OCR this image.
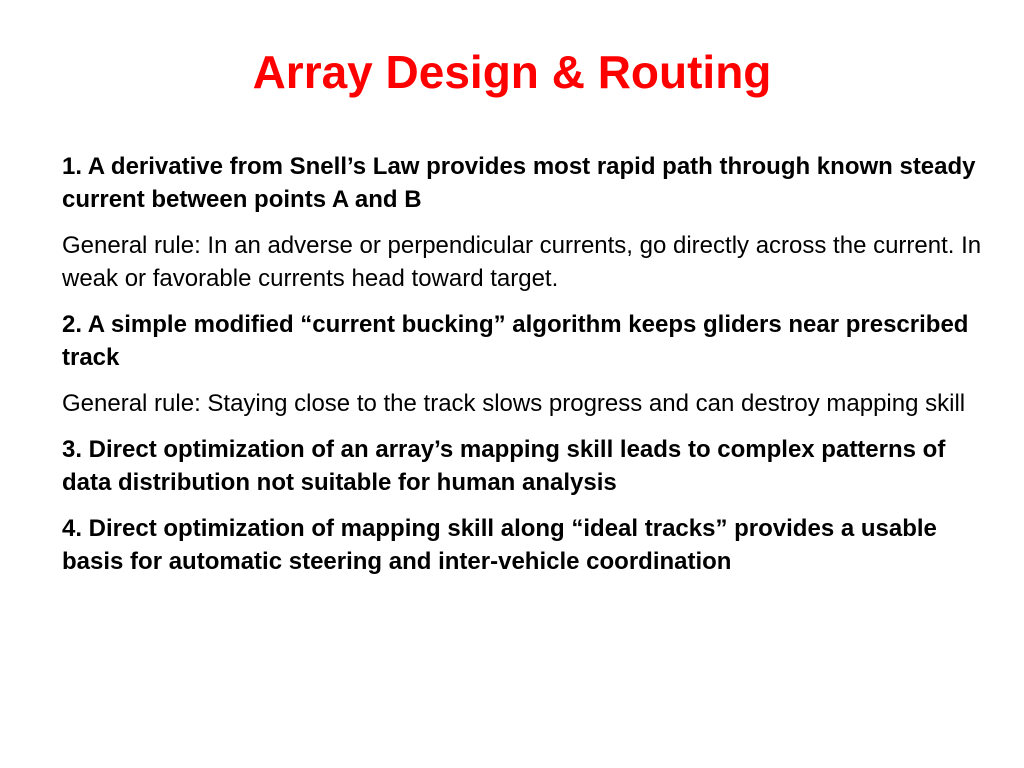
Array Design & Routing

1. A derivative from Snell’s Law provides most rapid path through known steady current between points A and B

General rule: In an adverse or perpendicular currents, go directly across the current. In weak or favorable currents head toward target.

2. A simple modified “current bucking” algorithm keeps gliders near prescribed track

General rule: Staying close to the track slows progress and can destroy mapping skill

3. Direct optimization of an array’s mapping skill leads to complex patterns of data distribution not suitable for human analysis

4. Direct optimization of mapping skill along “ideal tracks” provides a usable basis for automatic steering and inter-vehicle coordination
